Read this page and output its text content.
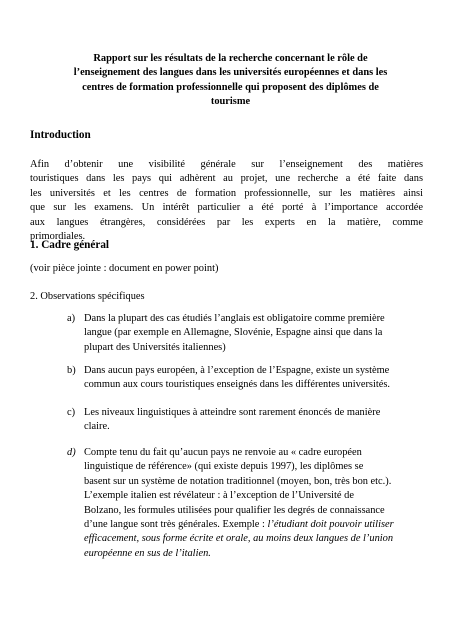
Rapport sur les résultats de la recherche concernant le rôle de
l’enseignement des langues dans les universités européennes et dans les
centres de formation professionnelle qui proposent des diplômes de
tourisme
Introduction
Afin d’obtenir une visibilité générale sur l’enseignement des matières
touristiques dans les pays qui adhèrent au projet, une recherche a été faite dans
les universités et les centres de formation professionnelle, sur les matières ainsi
que sur les examens. Un intérêt particulier a été porté à l’importance accordée
aux langues étrangères, considérées par les experts en la matière, comme
primordiales.
1. Cadre général
(voir pièce jointe : document en power point)
2. Observations spécifiques
a) Dans la plupart des cas étudiés l’anglais est obligatoire comme première
langue (par exemple en Allemagne, Slovénie, Espagne ainsi que dans la
plupart des Universités italiennes)
b) Dans aucun pays européen, à l’exception de l’Espagne, existe un système
commun aux cours touristiques enseignés dans les différentes universités.
c) Les niveaux linguistiques à atteindre sont rarement énoncés de manière
claire.
d) Compte tenu du fait qu’aucun pays ne renvoie au « cadre européen
linguistique de référence» (qui existe depuis 1997), les diplômes se
basent sur un système de notation traditionnel (moyen, bon, très bon etc.).
L’exemple italien est révélateur : à l’exception de l’Université de
Bolzano, les formules utilisées pour qualifier les degrés de connaissance
d’une langue sont très générales. Exemple : l’étudiant doit pouvoir utiliser
efficacement, sous forme écrite et orale, au moins deux langues de l’union
européenne en sus de l’italien.
